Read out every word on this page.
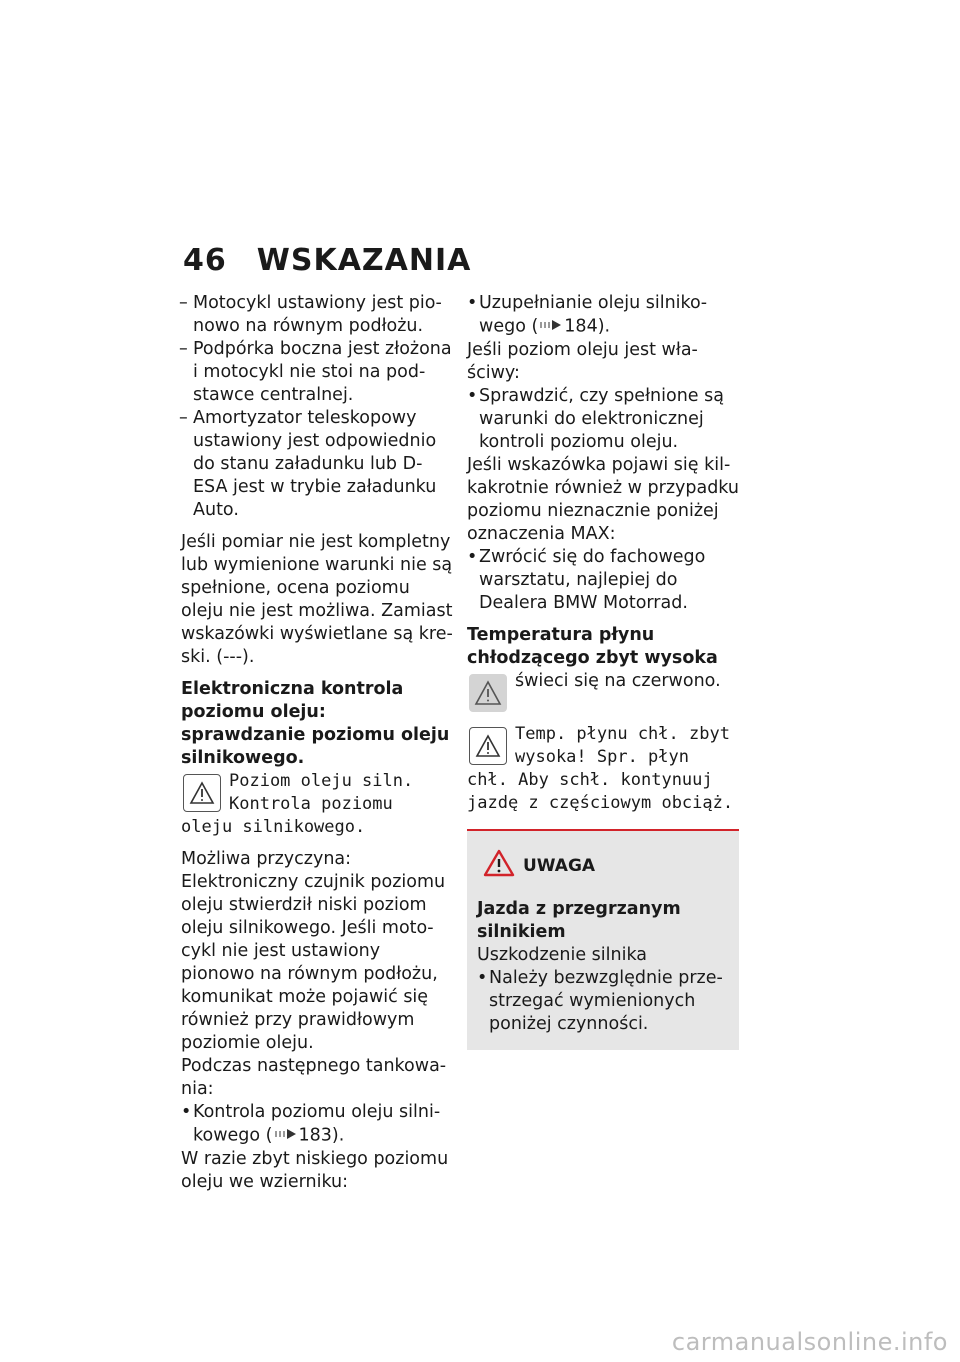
46 WSKAZANIA
– Motocykl ustawiony jest pionowo na równym podłożu.
– Podpórka boczna jest złożona i motocykl nie stoi na podstawce centralnej.
– Amortyzator teleskopowy ustawiony jest odpowiednio do stanu załadunku lub D-ESA jest w trybie załadunku Auto.

Jeśli pomiar nie jest kompletny lub wymienione warunki nie są spełnione, ocena poziomu oleju nie jest możliwa. Zamiast wskazówki wyświetlane są kreski. (---).

Elektroniczna kontrola poziomu oleju: sprawdzanie poziomu oleju silnikowego.

Poziom oleju siln. Kontrola poziomu oleju silnikowego.

Możliwa przyczyna:

Elektroniczny czujnik poziomu oleju stwierdził niski poziom oleju silnikowego. Jeśli motocykl nie jest ustawiony pionowo na równym podłożu, komunikat może pojawić się również przy prawidłowym poziomie oleju.

Podczas następnego tankowania:

• Kontrola poziomu oleju silnikowego ( 183).

W razie zbyt niskiego poziomu oleju we wzierniku:

• Uzupełnianie oleju silnikowego ( 184).

Jeśli poziom oleju jest właściwy:

• Sprawdzić, czy spełnione są warunki do elektronicznej kontroli poziomu oleju.

Jeśli wskazówka pojawi się kilkakrotnie również w przypadku poziomu nieznacznie poniżej oznaczenia MAX:

• Zwrócić się do fachowego warsztatu, najlepiej do Dealera BMW Motorrad.

Temperatura płynu chłodzącego zbyt wysoka

świeci się na czerwono.
Temp. płynu chł. zbyt wysoka! Spr. płyn chł. Aby schł. kontynuuj jazdę z częściowym obciąż.
UWAGA

Jazda z przegrzanym silnikiem

Uszkodzenie silnika

• Należy bezwzględnie przestrzegać wymienionych poniżej czynności.
carmanualsonline.info
